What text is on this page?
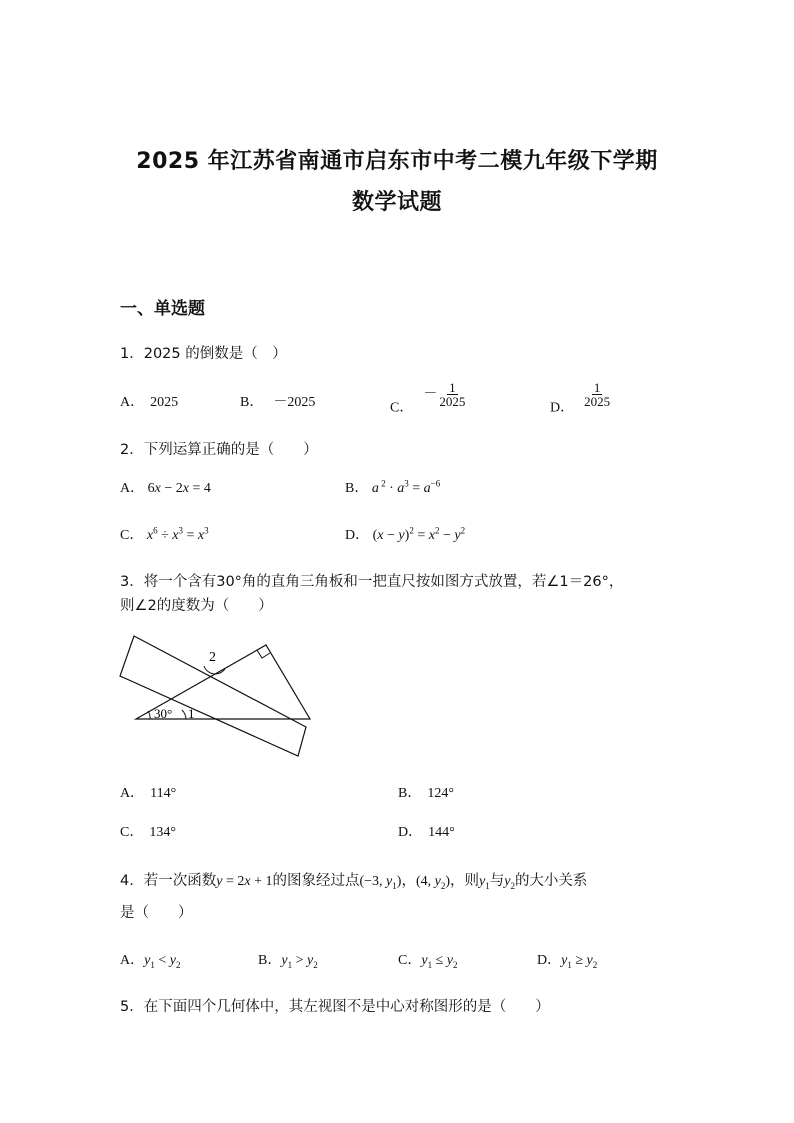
2025 年江苏省南通市启东市中考二模九年级下学期
数学试题
一、单选题
1．2025 的倒数是（　）
A． 2025	B． －2025	C．－ $\frac{1}{2025}$
D．
$\frac{1}{2025}$
2．下列运算正确的是（　　）
A． 6x − 2x = 4	B． a $^2 \cdot a^3 = a^{-6}$
C． $x^6 \div x^3 = x^3$	D． $(x - y)^2 = x^2 - y^2$
3．将一个含有30°角的直角三角板和一把直尺按如图方式放置，若∠1＝26°，
则∠2的度数为（　　）
2
30° 1
A． 114°	B． 124°
C． 134°	D． 144°
4．若一次函数y = 2x + 1的图象经过点(−3, $y_1$)，(4, $y_2$)，则$y_1$与$y_2$的大小关系
是（　　）
A．$y_1 < y_2$	B．$y_1 > y_2$	C．$y_1 \le y_2$	D．$y_1 \ge y_2$
5．在下面四个几何体中，其左视图不是中心对称图形的是（　　）
